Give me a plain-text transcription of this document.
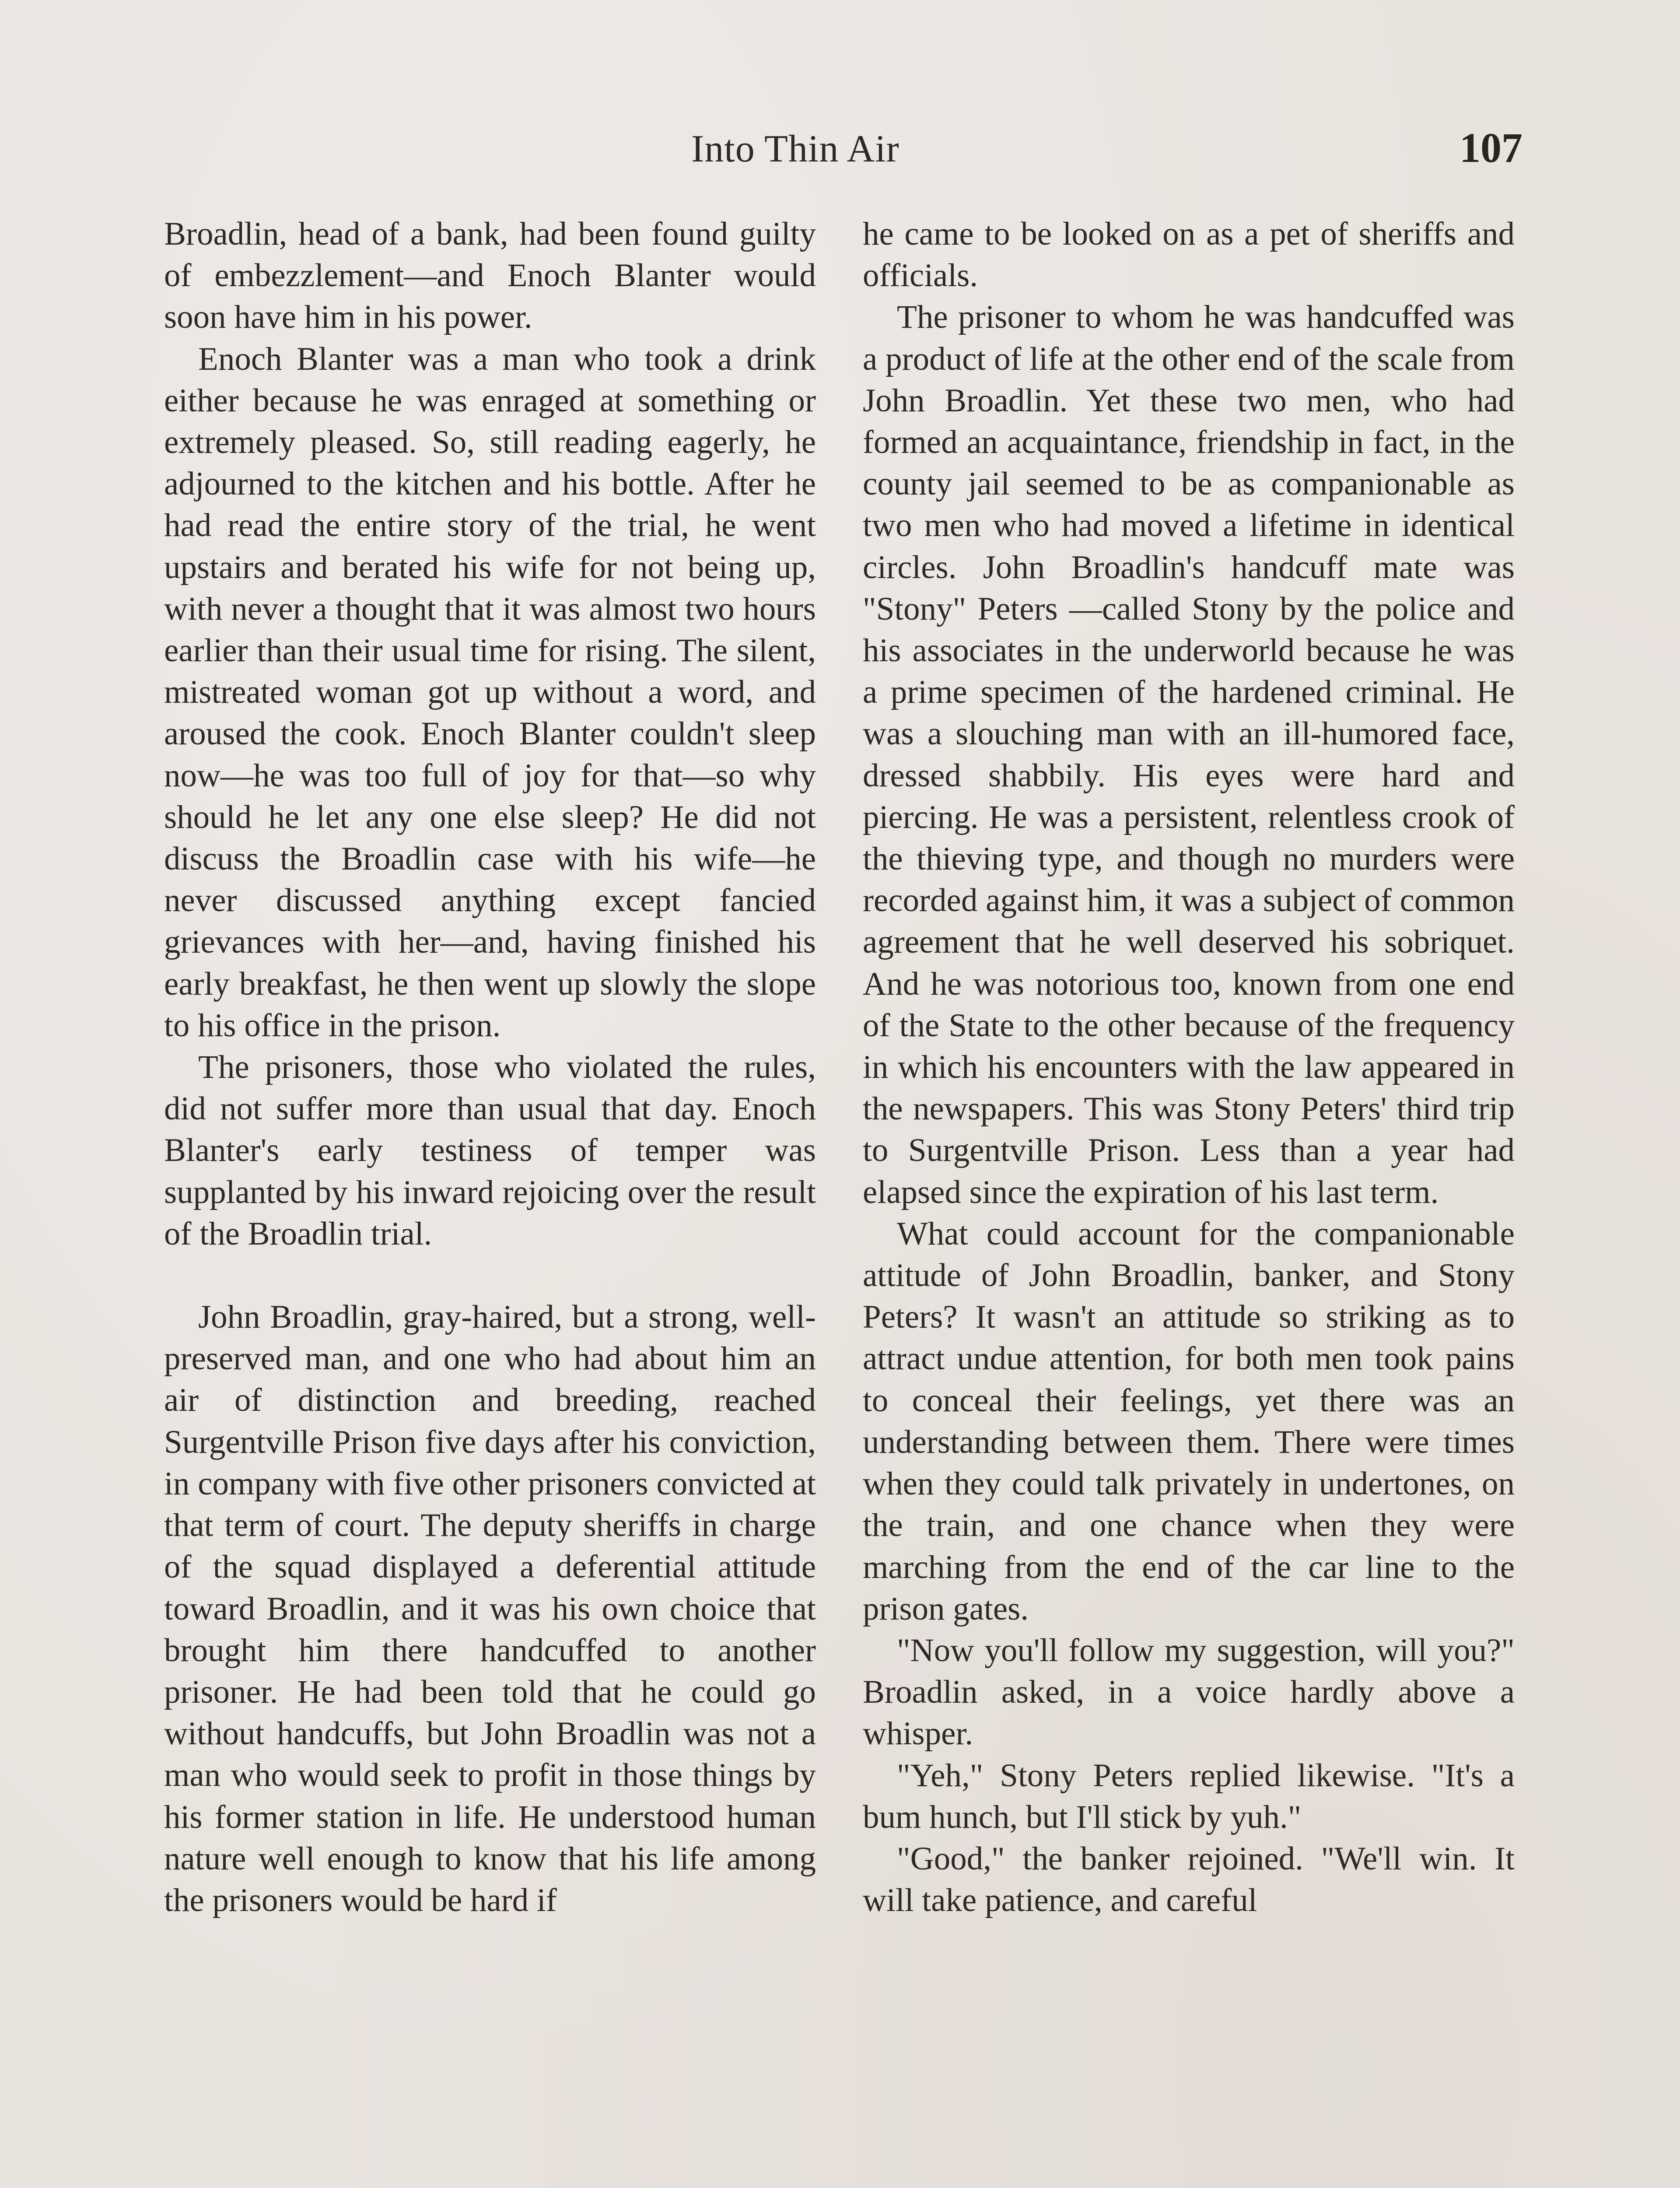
Into Thin Air	107

Broadlin, head of a bank, had been found guilty of embezzlement—and Enoch Blanter would soon have him in his power.

Enoch Blanter was a man who took a drink either because he was enraged at something or extremely pleased. So, still reading eagerly, he adjourned to the kitchen and his bottle. After he had read the entire story of the trial, he went upstairs and berated his wife for not being up, with never a thought that it was almost two hours earlier than their usual time for rising. The silent, mistreated woman got up without a word, and aroused the cook. Enoch Blanter couldn't sleep now—he was too full of joy for that—so why should he let any one else sleep? He did not discuss the Broadlin case with his wife—he never discussed anything except fancied grievances with her—and, having finished his early breakfast, he then went up slowly the slope to his office in the prison.

The prisoners, those who violated the rules, did not suffer more than usual that day. Enoch Blanter's early testiness of temper was supplanted by his inward rejoicing over the result of the Broadlin trial.

John Broadlin, gray-haired, but a strong, well-preserved man, and one who had about him an air of distinction and breeding, reached Surgentville Prison five days after his conviction, in company with five other prisoners convicted at that term of court. The deputy sheriffs in charge of the squad displayed a deferential attitude toward Broadlin, and it was his own choice that brought him there handcuffed to another prisoner. He had been told that he could go without handcuffs, but John Broadlin was not a man who would seek to profit in those things by his former station in life. He understood human nature well enough to know that his life among the prisoners would be hard if

he came to be looked on as a pet of sheriffs and officials.

The prisoner to whom he was handcuffed was a product of life at the other end of the scale from John Broadlin. Yet these two men, who had formed an acquaintance, friendship in fact, in the county jail seemed to be as companionable as two men who had moved a lifetime in identical circles. John Broadlin's handcuff mate was "Stony" Peters —called Stony by the police and his associates in the underworld because he was a prime specimen of the hardened criminal. He was a slouching man with an ill-humored face, dressed shabbily. His eyes were hard and piercing. He was a persistent, relentless crook of the thieving type, and though no murders were recorded against him, it was a subject of common agreement that he well deserved his sobriquet. And he was notorious too, known from one end of the State to the other because of the frequency in which his encounters with the law appeared in the newspapers. This was Stony Peters' third trip to Surgentville Prison. Less than a year had elapsed since the expiration of his last term.

What could account for the companionable attitude of John Broadlin, banker, and Stony Peters? It wasn't an attitude so striking as to attract undue attention, for both men took pains to conceal their feelings, yet there was an understanding between them. There were times when they could talk privately in undertones, on the train, and one chance when they were marching from the end of the car line to the prison gates.

"Now you'll follow my suggestion, will you?" Broadlin asked, in a voice hardly above a whisper.

"Yeh," Stony Peters replied likewise. "It's a bum hunch, but I'll stick by yuh."

"Good," the banker rejoined. "We'll win. It will take patience, and careful
